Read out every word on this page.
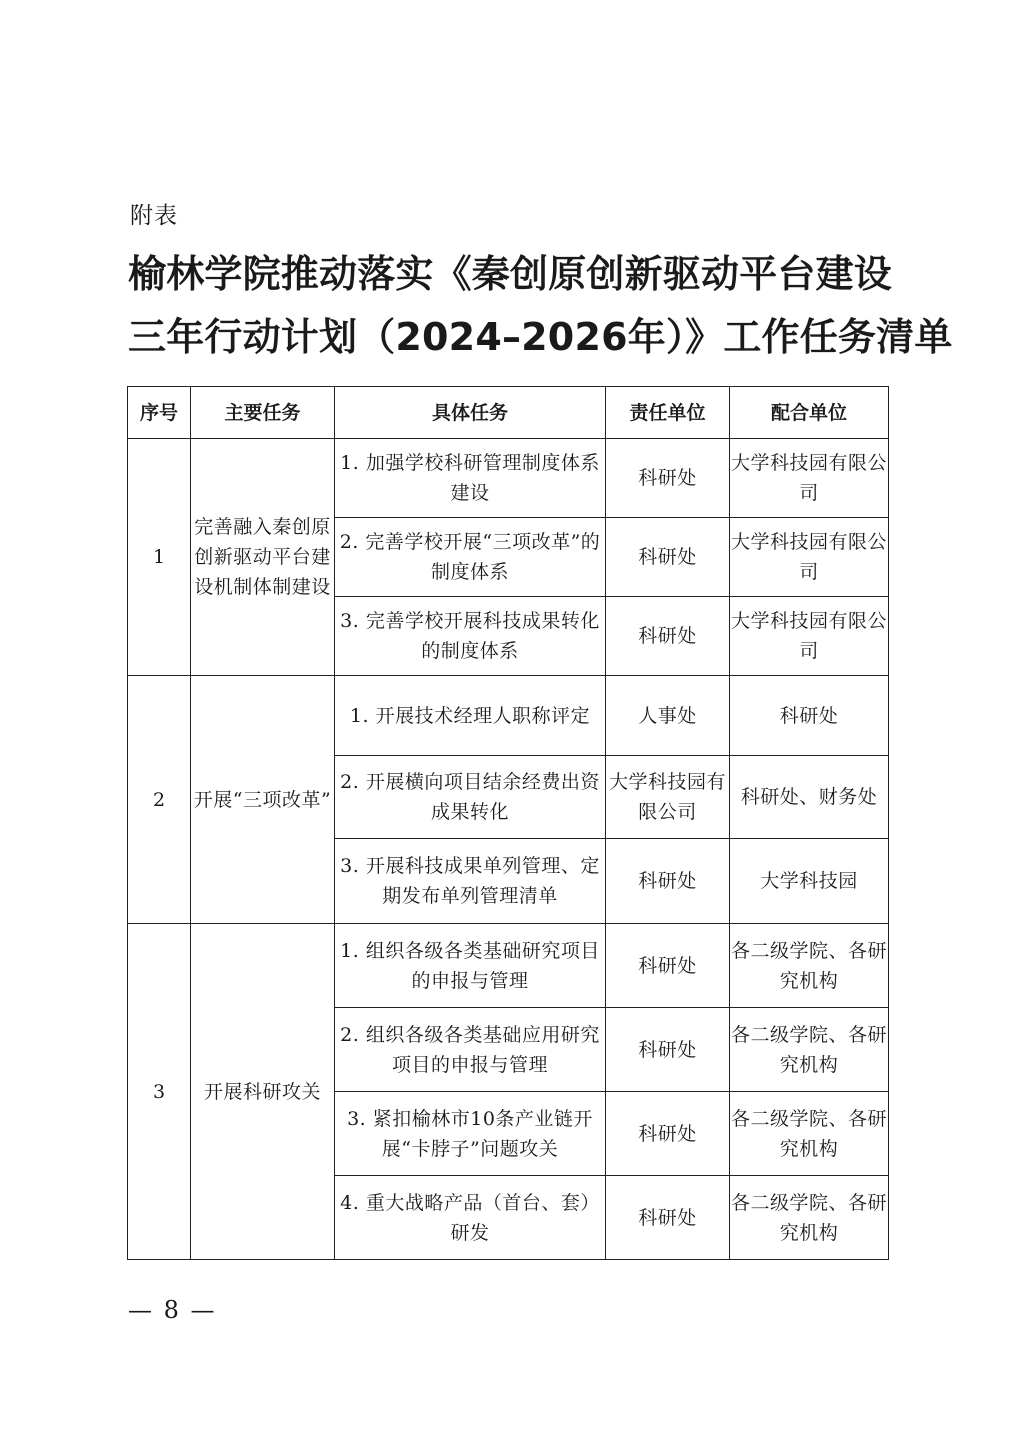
附表
榆林学院推动落实《秦创原创新驱动平台建设
三年行动计划（2024–2026年）》工作任务清单
序号	主要任务	具体任务	责任单位	配合单位
1	完善融入秦创原创新驱动平台建设机制体制建设	1. 加强学校科研管理制度体系建设	科研处	大学科技园有限公司
		2. 完善学校开展“三项改革”的制度体系	科研处	大学科技园有限公司
		3. 完善学校开展科技成果转化的制度体系	科研处	大学科技园有限公司
2	开展“三项改革”	1. 开展技术经理人职称评定	人事处	科研处
		2. 开展横向项目结余经费出资成果转化	大学科技园有限公司	科研处、财务处
		3. 开展科技成果单列管理、定期发布单列管理清单	科研处	大学科技园
3	开展科研攻关	1. 组织各级各类基础研究项目的申报与管理	科研处	各二级学院、各研究机构
		2. 组织各级各类基础应用研究项目的申报与管理	科研处	各二级学院、各研究机构
		3. 紧扣榆林市10条产业链开展“卡脖子”问题攻关	科研处	各二级学院、各研究机构
		4. 重大战略产品（首台、套）研发	科研处	各二级学院、各研究机构
— 8 —
